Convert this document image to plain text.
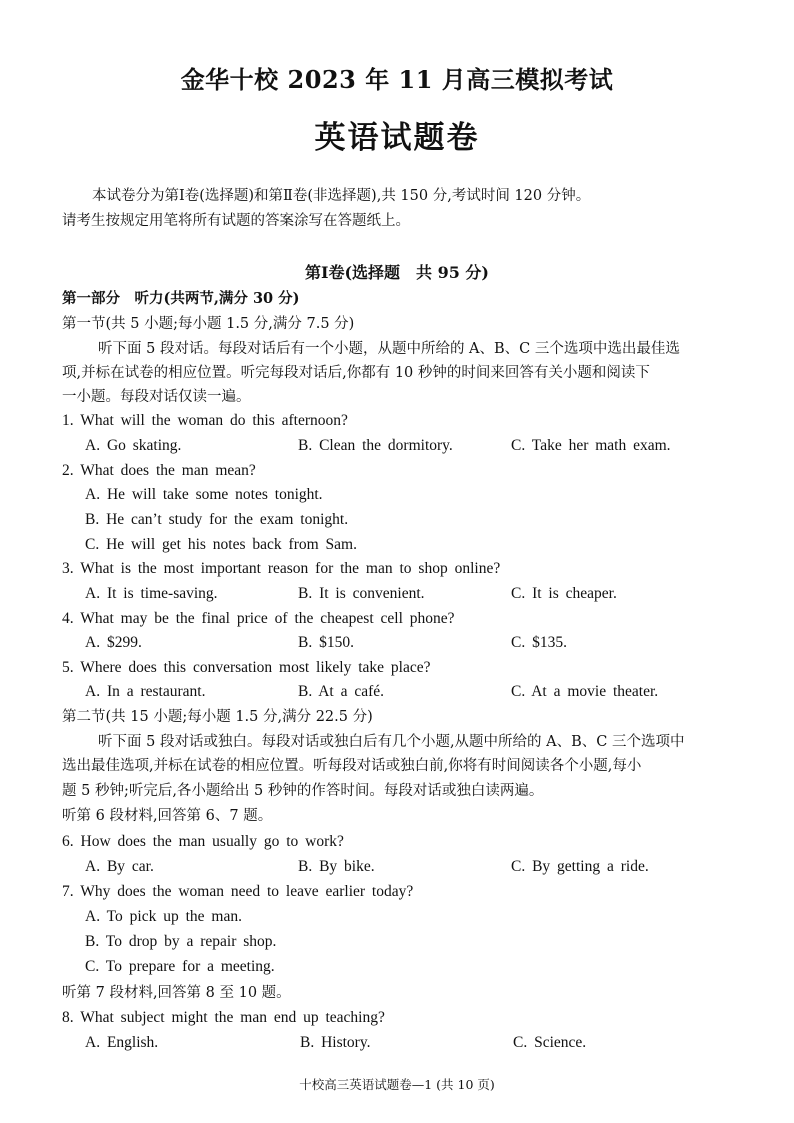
金华十校 2023 年 11 月高三模拟考试
英语试题卷
本试卷分为第Ⅰ卷(选择题)和第Ⅱ卷(非选择题),共 150 分,考试时间 120 分钟。
请考生按规定用笔将所有试题的答案涂写在答题纸上。
第Ⅰ卷(选择题　共 95 分)
第一部分　听力(共两节,满分 30 分)
第一节(共 5 小题;每小题 1.5 分,满分 7.5 分)
听下面 5 段对话。每段对话后有一个小题，从题中所给的 A、B、C 三个选项中选出最佳选
项,并标在试卷的相应位置。听完每段对话后,你都有 10 秒钟的时间来回答有关小题和阅读下
一小题。每段对话仅读一遍。
1. What will the woman do this afternoon?
A. Go skating.	B. Clean the dormitory.	C. Take her math exam.
2. What does the man mean?
A. He will take some notes tonight.
B. He can’t study for the exam tonight.
C. He will get his notes back from Sam.
3. What is the most important reason for the man to shop online?
A. It is time-saving.	B. It is convenient.	C. It is cheaper.
4. What may be the final price of the cheapest cell phone?
A. $299.	B. $150.	C. $135.
5. Where does this conversation most likely take place?
A. In a restaurant.	B. At a café.	C. At a movie theater.
第二节(共 15 小题;每小题 1.5 分,满分 22.5 分)
听下面 5 段对话或独白。每段对话或独白后有几个小题,从题中所给的 A、B、C 三个选项中
选出最佳选项,并标在试卷的相应位置。听每段对话或独白前,你将有时间阅读各个小题,每小
题 5 秒钟;听完后,各小题给出 5 秒钟的作答时间。每段对话或独白读两遍。
听第 6 段材料,回答第 6、7 题。
6. How does the man usually go to work?
A. By car.	B. By bike.	C. By getting a ride.
7. Why does the woman need to leave earlier today?
A. To pick up the man.
B. To drop by a repair shop.
C. To prepare for a meeting.
听第 7 段材料,回答第 8 至 10 题。
8. What subject might the man end up teaching?
A. English.	B. History.	C. Science.
十校高三英语试题卷—1 (共 10 页)
